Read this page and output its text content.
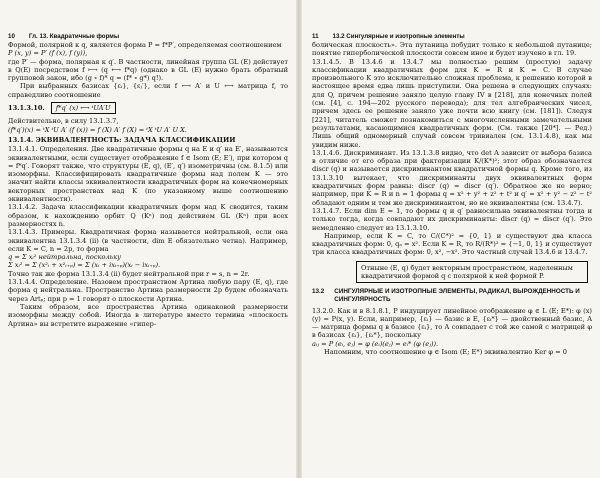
10 Гл. 13. Квадратичные формы

Формой, полярной к q, является форма P = f*P′, определяемая соотношением

P (x, y) = P′ (f (x), f (y)),

где P′ — форма, полярная к q′. В частности, линейная группа GL (E) действует в Q(E) посредством f ⟼ (q ⟼ f*q) (однако в GL (E) нужно брать обратный групповой закон, ибо (g ∘ f)* q = (f* ∘ g*) q!).

При выбранных базисах {εᵢ}, {εⱼ′}, если f ⟷ A′ и U ⟷ матрица f, то справедливо соотношение

13.1.3.10.	f*q′ (x) ⟷ ᵗUA′U

Действительно, в силу 13.1.3.7,

(f*q′)(x) = ᵗX ᵗU A′ (f (x)) = f (X) A′ f (X) = ᵗX ᵗU A′ U X.

13.1.4. ЭКВИВАЛЕНТНОСТЬ: ЗАДАЧА КЛАССИФИКАЦИИ

13.1.4.1. Определения. Две квадратичные формы q на E и q′ на E′, называются эквивалентными, если существует отображение f ∈ Isom (E; E′), при котором q = f*q′. Говорят также, что структуры (E, q), (E′, q′) изометричны (см. 8.1.5) или изоморфны. Классифицировать квадратичные формы над полем K — это значит найти классы эквивалентности квадратичных форм на конечномерных векторных пространствах над K (по указанному выше соотношению эквивалентности).

13.1.4.2. Задача классификации квадратичных форм над K сводится, таким образом, к нахождению орбит Q (Kⁿ) под действием GL (Kⁿ) при всех размерностях n.

13.1.4.3. Примеры. Квадратичная форма называется нейтральной, если она эквивалентна 13.1.3.4 (ii) (в частности, dim E обязательно четна). Например, если K = C, n = 2p, то форма

q = Σ xᵢ² нейтральна, поскольку

Σ xᵢ² = Σ (x²ᵢ + x²ᵢ₊ₚ) = Σ (xᵢ + ixᵢ₊ₚ)(xᵢ − ixᵢ₊ₚ).

Точно так же форма 13.1.3.4 (ii) будет нейтральной при r = s, n = 2r.

13.1.4.4. Определение. Назовем пространством Артина любую пару (E, q), где форма q нейтральна. Пространство Артина размерности 2p будем обозначать через Artₚ; при p = 1 говорят о плоскости Артина.

Таким образом, все пространства Артина одинаковой размерности изоморфны между собой. Иногда в литературе вместо термина «плоскость Артина» вы встретите выражение «гипер-

11 13.2 Сингулярные и изотропные элементы

болическая плоскость». Эта путаница побудит только к небольшой путанице; понятие гиперболической плоскости совсем иное и будет изучено в гл. 19.

13.1.4.5. В 13.4.6 и 13.4.7 мы полностью решим (простую) задачу классификации квадратичных форм для K = R и K = C. В случае произвольного K это исключительно сложная проблема, к решению которой в настоящее время едва лишь приступили. Она решена в следующих случаях: для Q, причем решение заняло целую главу IV в [218], для конечных полей (см. [4], с. 194—202 русского перевода); для тел алгебраических чисел, причем здесь ее решение заняло уже почти всю книгу (см. [181]). Следуя [221], читатель сможет познакомиться с многочисленными замечательными результатами, касающимися квадратичных форм. (См. также [20*]. — Ред.) Лишь общий одномерный случай совсем тривиален (см. 13.1.4.8), как мы увидим ниже.

13.1.4.6. Дискриминант. Из 13.1.3.8 видно, что det A зависит от выбора базиса в отличие от его образа при факторизации K/(K*)²; этот образ обозначается discr (q) и называется дискриминантом квадратичной формы q. Кроме того, из 13.1.3.10 вытекает, что дискриминанты двух эквивалентных форм квадратичных форм равны: discr (q) = discr (q′). Обратное же не верно; например, при K = R и n = 1 формы q = x² + y² + z² + t² и q′ = x² + y² − z² − t² обладают одним и тем же дискриминантом, но не эквивалентны (см. 13.4.7).

13.1.4.7. Если dim E = 1, то формы q и q′ равносильна эквивалентны тогда и только тогда, когда совпадают их дискриминанты: discr (q) = discr (q′). Это немедленно следует из 13.1.3.10.

Например, если K = C, то C/(C*)² = {0, 1} и существуют два класса квадратичных форм: 0, qₐ = x². Если K = R, то R/(R*)² = {−1, 0, 1} и существует три класса квадратичных форм: 0, x², −x². Это частный случай 13.4.6 и 13.4.7.

Отныне (E, q) будет векторным пространством, наделенным квадратичной формой q с полярной к ней формой P.
13.2 СИНГУЛЯРНЫЕ И ИЗОТРОПНЫЕ ЭЛЕМЕНТЫ, РАДИКАЛ, ВЫРОЖДЕННОСТЬ И СИНГУЛЯРНОСТЬ

13.2.0. Как и в 8.1.8.1, P индуцирует линейное отображение φ ∈ L (E; E*): φ (x)(y) = P(x, y). Если, например, {εᵢ} — базис в E, {εᵢ*} — двойственный базис, A — матрица формы q в базисе {εᵢ}, то A совпадает с той же самой с матрицей φ в базисах {εᵢ}, {εᵢ*}, поскольку

aᵢⱼ = P (eᵢ, eⱼ) = φ (eᵢ)(eⱼ) = eᵢ* (φ (eⱼ)).

Напомним, что соотношение φ ∈ Isom (E; E*) эквивалентно Ker φ = 0
